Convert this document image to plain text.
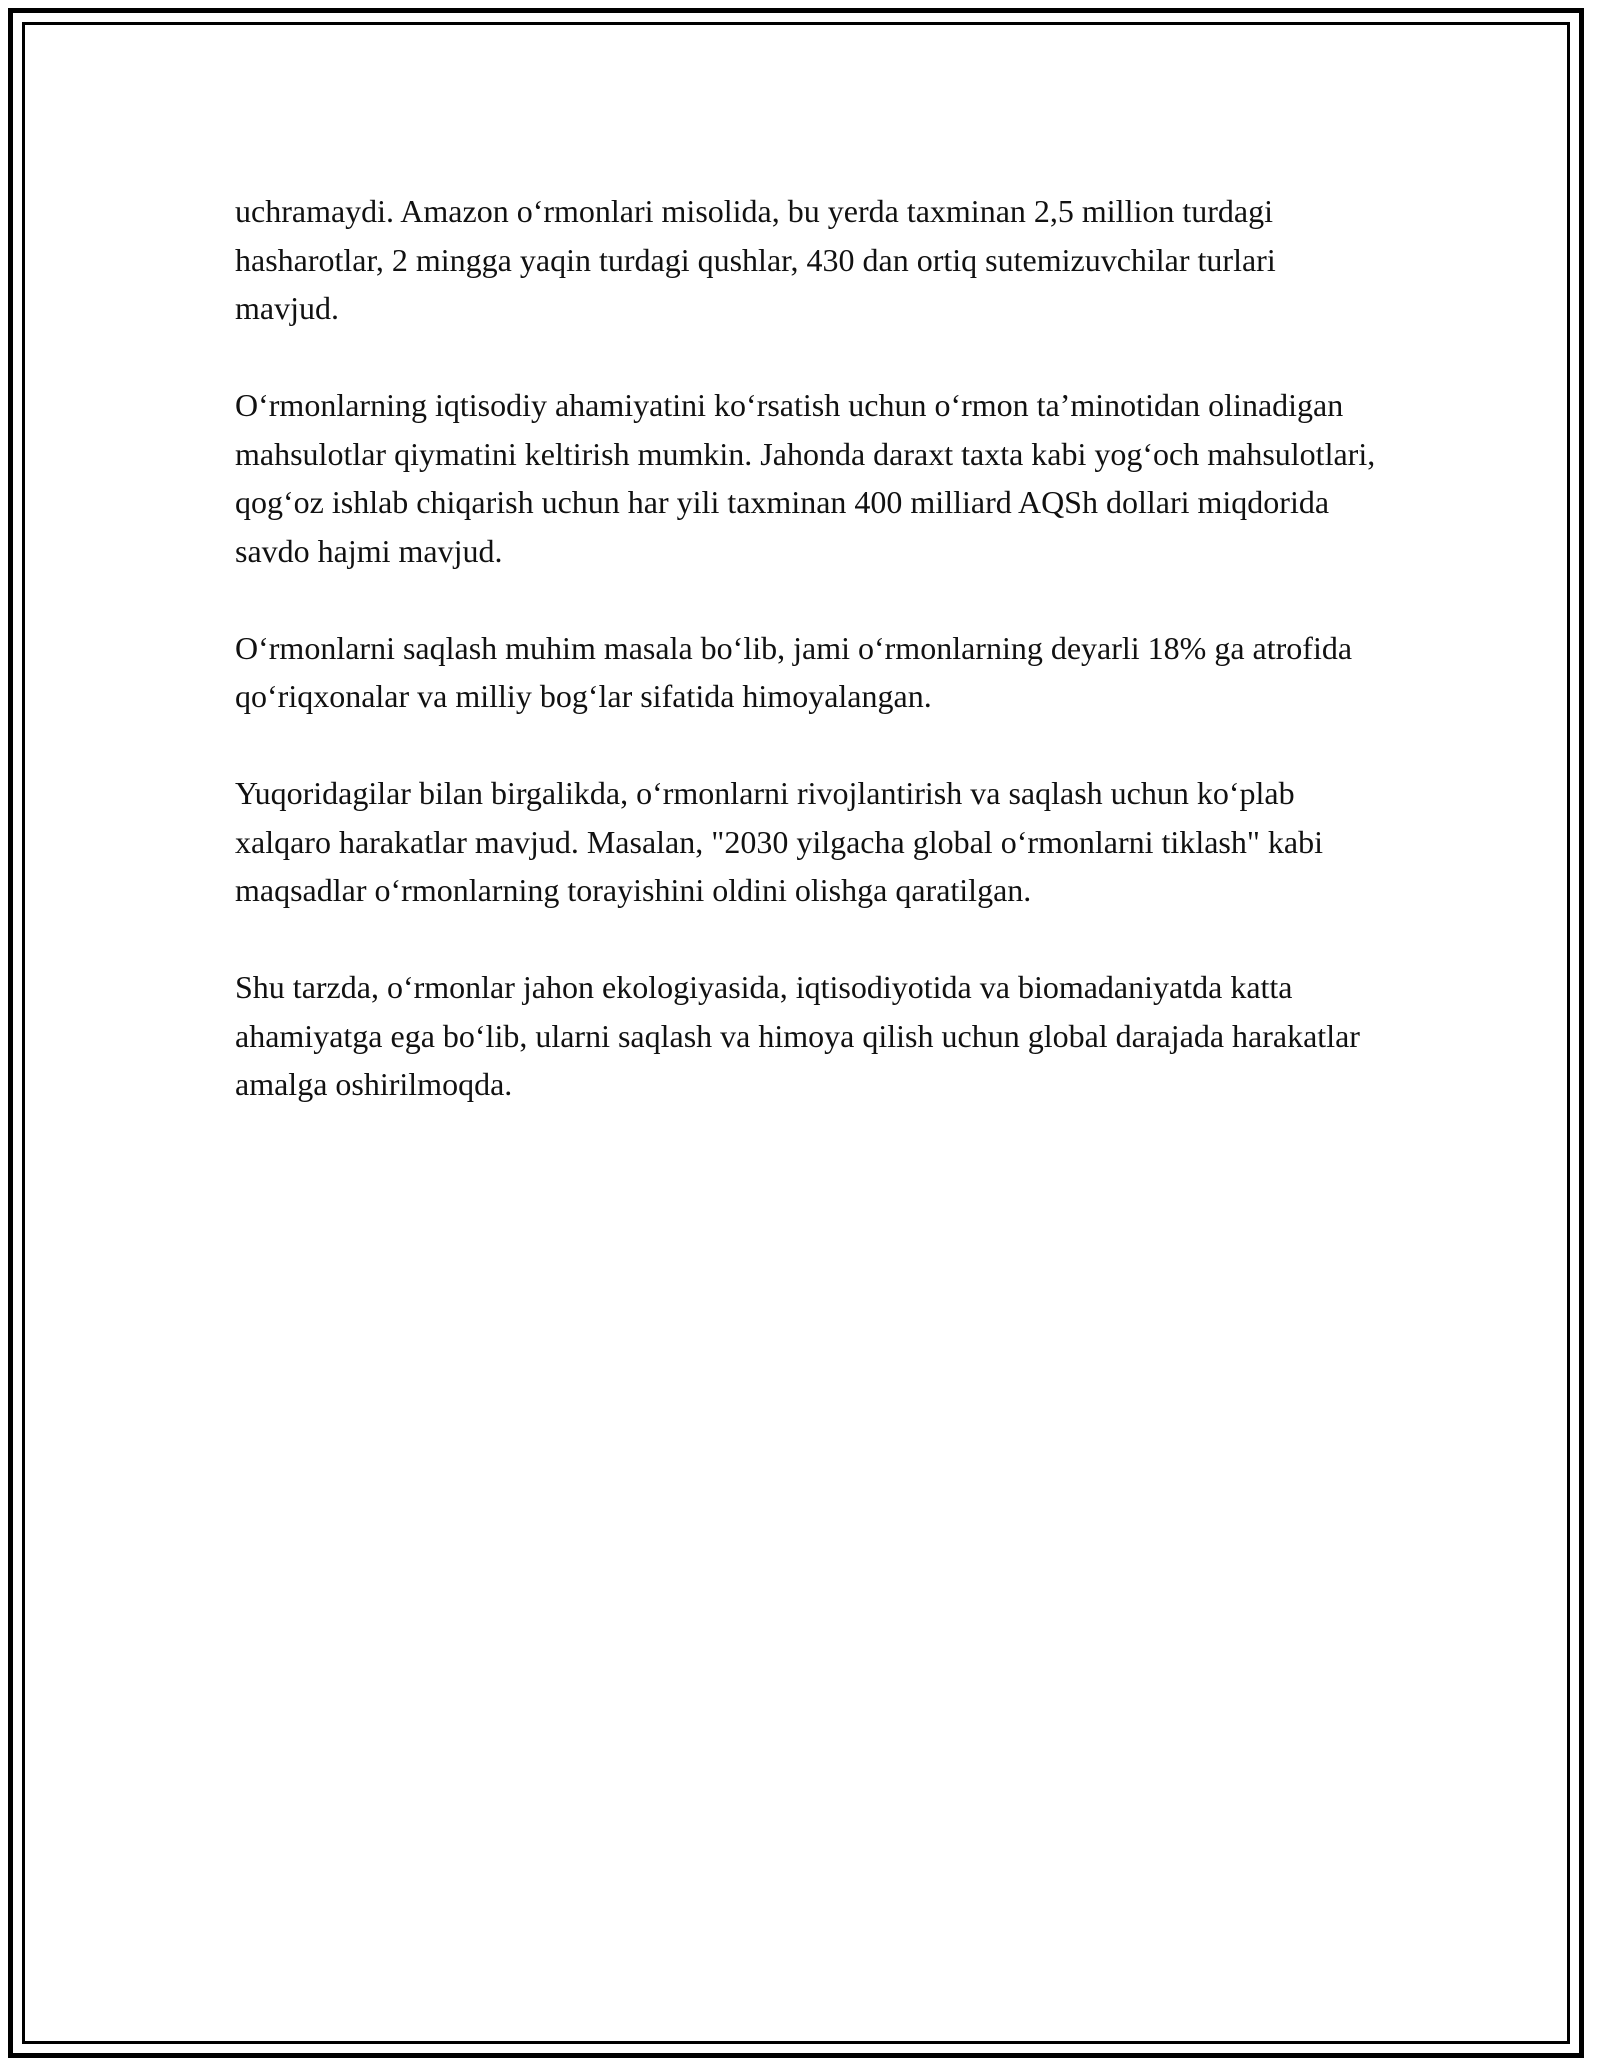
uchramaydi. Amazon o‘rmonlari misolida, bu yerda taxminan 2,5 million turdagi hasharotlar, 2 mingga yaqin turdagi qushlar, 430 dan ortiq sutemizuvchilar turlari mavjud.

O‘rmonlarning iqtisodiy ahamiyatini ko‘rsatish uchun o‘rmon ta’minotidan olinadigan mahsulotlar qiymatini keltirish mumkin. Jahonda daraxt taxta kabi yog‘och mahsulotlari, qog‘oz ishlab chiqarish uchun har yili taxminan 400 milliard AQSh dollari miqdorida savdo hajmi mavjud.

O‘rmonlarni saqlash muhim masala bo‘lib, jami o‘rmonlarning deyarli 18% ga atrofida qo‘riqxonalar va milliy bog‘lar sifatida himoyalangan.

Yuqoridagilar bilan birgalikda, o‘rmonlarni rivojlantirish va saqlash uchun ko‘plab xalqaro harakatlar mavjud. Masalan, "2030 yilgacha global o‘rmonlarni tiklash" kabi maqsadlar o‘rmonlarning torayishini oldini olishga qaratilgan.

Shu tarzda, o‘rmonlar jahon ekologiyasida, iqtisodiyotida va biomadaniyatda katta ahamiyatga ega bo‘lib, ularni saqlash va himoya qilish uchun global darajada harakatlar amalga oshirilmoqda.
